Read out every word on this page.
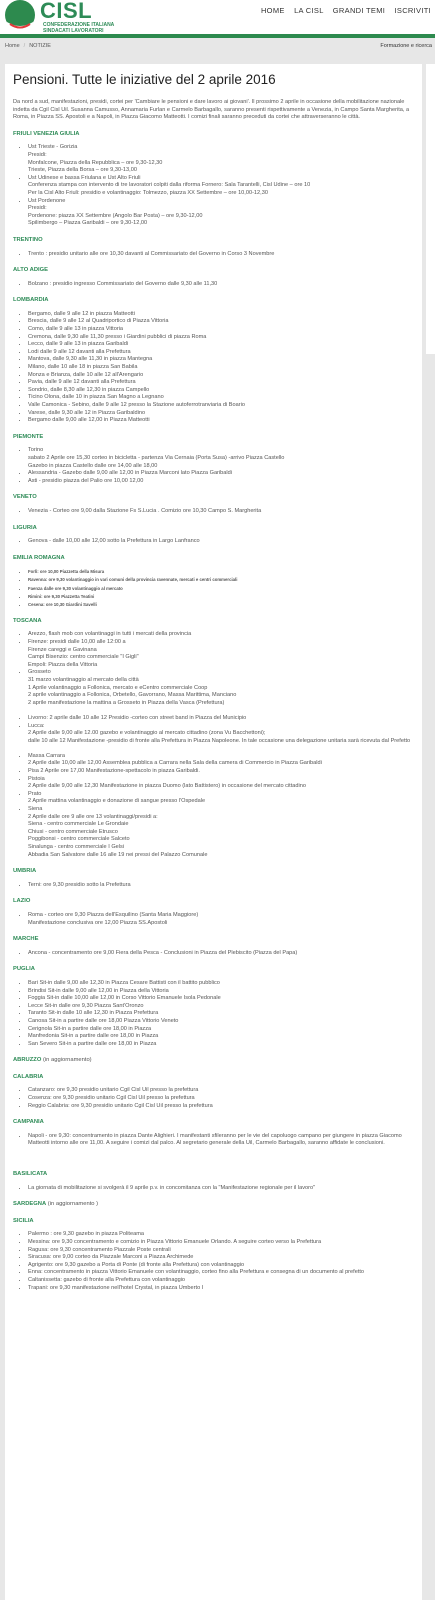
CISL
CONFEDERAZIONE ITALIANA
SINDACATI LAVORATORI
HOME LA CISL GRANDI TEMI ISCRIVITI
Home / NOTIZIE	Formazione e ricerca
Pensioni. Tutte le iniziative del 2 aprile 2016

Da nord a sud, manifestazioni, presidi, cortei per 'Cambiare le pensioni e dare lavoro ai giovani'. Il prossimo 2 aprile in occasione della mobilitazione nazionale indetta da Cgil Cisl Uil. Susanna Camusso, Annamaria Furlan e Carmelo Barbagallo, saranno presenti rispettivamente a Venezia, in Campo Santa Margherita, a Roma, in Piazza SS. Apostoli e a Napoli, in Piazza Giacomo Matteotti. I comizi finali saranno preceduti da cortei che attraverseranno le città.

FRIULI VENEZIA GIULIA
• Ust Trieste - Gorizia
Presidi:
Monfalcone, Piazza della Repubblica – ore 9,30-12,30
Trieste, Piazza della Borsa – ore 9,30-13,00
• Ust Udinese e bassa Friulana e Ust Alto Friuli
Conferenza stampa con intervento di tre lavoratori colpiti dalla riforma Fornero: Sala Tarantelli, Cisl Udine – ore 10
Per la Cisl Alto Friuli: presidio e volantinaggio: Tolmezzo, piazza XX Settembre – ore 10,00-12,30
• Ust Pordenone
Presidi:
Pordenone: piazza XX Settembre (Angolo Bar Posta) – ore 9,30-12,00
Spilimbergo – Piazza Garibaldi – ore 9,30-12,00
TRENTINO
• Trento : presidio unitario alle ore 10,30 davanti al Commissariato del Governo in Corso 3 Novembre
ALTO ADIGE
• Bolzano : presidio ingresso Commissariato del Governo dalle 9,30 alle 11,30
LOMBARDIA
• Bergamo, dalle 9 alle 12 in piazza Matteotti
• Brescia, dalle 9 alle 12 al Quadriportico di Piazza Vittoria
• Como, dalle 9 alle 13 in piazza Vittoria
• Cremona, dalle 9,30 alle 11,30 presso i Giardini pubblici di piazza Roma
• Lecco, dalle 9 alle 13 in piazza Garibaldi
• Lodi dalle 9 alle 12 davanti alla Prefettura
• Mantova, dalle 9,30 alle 11,30 in piazza Mantegna
• Milano, dalle 10 alle 18 in piazza San Babila
• Monza e Brianza, dalle 10 alle 12 all'Arengario
• Pavia, dalle 9 alle 12 davanti alla Prefettura
• Sondrio, dalle 8,30 alle 12,30 in piazza Campello
• Ticino Olona, dalle 10 in piazza San Magno a Legnano
• Valle Camonica - Sebino, dalle 9 alle 12 presso la Stazione autoferrotranviaria di Boario
• Varese, dalle 9,30 alle 12 in Piazza Garibaldino
• Bergamo dalle 9,00 alle 12,00 in Piazza Matteotti
PIEMONTE
• Torino
sabato 2 Aprile ore 15,30 corteo in bicicletta - partenza Via Cernaia (Porta Susa) -arrivo Piazza Castello
Gazebo in piazza Castello dalle ore 14,00 alle 18,00
• Alessandria - Gazebo dalle 9,00 alle 12,00 in Piazza Marconi lato Piazza Garibaldi
• Asti - presidio piazza del Palio ore 10,00 12,00
VENETO
• Venezia - Corteo ore 9,00 dalla Stazione Fs S.Lucia . Comizio ore 10,30 Campo S. Margherita
LIGURIA
• Genova - dalle 10,00 alle 12,00 sotto la Prefettura in Largo Lanfranco
EMILIA ROMAGNA
• Forlì: ore 10,00 Piazzetta della Misura
• Ravenna: ore 9,30 volantinaggio in vari comuni della provincia ravennate, mercati e centri commerciali
• Faenza dalle ore 9,30 volantinaggio al mercato
• Rimini: ore 9,30 Piazzetta Teatini
• Cesena: ore 10,30 Giardini Savelli
TOSCANA
• Arezzo, flash mob con volantinaggi in tutti i mercati della provincia
• Firenze: presidi dalle 10,00 alle 12:00 a
Firenze careggi e Gavinana
Campi Bisenzio: centro commerciale "I Gigli"
Empoli: Piazza della Vittoria
• Grosseto
31 marzo volantinaggio al mercato della città
1 Aprile volantinaggio a Follonica, mercato e eCentro commerciale Coop
2 aprile volantinaggio a Follonica, Orbetello, Gavorrano, Massa Marittima, Manciano
2 aprile manifestazione la mattina a Grosseto in Piazza della Vasca (Prefettura)

• Livorno: 2 aprile dalle 10 alle 12 Presidio -corteo con street band in Piazza del Municipio
• Lucca:
2 Aprile dalle 9,00 alle 12.00 gazebo e volantinaggio al mercato cittadino (zona Vu Bacchettoni);
dalle 10 alle 12 Manifestazione -presidio di fronte alla Prefettura in Piazza Napoleone. In tale occasione una delegazione unitaria sarà ricevuta dal Prefetto

• Massa Carrara
2 Aprile dalle 10,00 alle 12,00 Assemblea pubblica a Carrara nella Sala della camera di Commercio in Piazza Garibaldi
• Pisa 2 Aprile ore 17,00 Manifestazione-spettacolo in piazza Garibaldi.
• Pistoia
2 Aprile dalle 9,00 alle 12,30 Manifestazione in piazza Duomo (lato Battistero) in occasione del mercato cittadino
• Prato
2 Aprile mattina volantinaggio e donazione di sangue presso l'Ospedale
• Siena
2 Aprile dalle ore 9 alle ore 13 volantinaggi/presidi a:
Siena - centro commerciale Le Grondaie
Chiusi - centro commerciale Etrusco
Poggibonsi - centro commerciale Salceto
Sinalunga - centro commerciale I Gelsi
Abbadia San Salvatore dalle 16 alle 19 nei pressi del Palazzo Comunale
UMBRIA
• Terni: ore 9,30 presidio sotto la Prefettura
LAZIO
• Roma - corteo ore 9,30 Piazza dell'Esquilino (Santa Maria Maggiore)
Manifestazione conclusiva ore 12,00 Piazza SS.Apostoli
MARCHE
• Ancona - concentramento ore 9,00 Fiera della Pesca - Conclusioni in Piazza del Plebiscito (Piazza del Papa)
PUGLIA
• Bari Sit-in dalle 9,00 alle 12,30 in Piazza Cesare Battisti con il battito pubblico
• Brindisi Sit-in dalle 9,00 alle 12,00 in Piazza della Vittoria
• Foggia Sit-in dalle 10,00 alle 12,00 in Corso Vittorio Emanuele Isola Pedonale
• Lecce Sit-in dalle ore 9,30 Piazza Sant'Oronzo
• Taranto Sit-in dalle 10 alle 12,30 in Piazza Prefettura
• Canosa Sit-in a partire dalle ore 18,00 Piazza Vittorio Veneto
• Cerignola Sit-in a partire dalle ore 18,00 in Piazza
• Manfredonia Sit-in a partire dalle ore 18,00 in Piazza
• San Severo Sit-in a partire dalle ore 18,00 in Piazza
ABRUZZO (in aggiornamento)
CALABRIA
• Catanzaro: ore 9,30 presidio unitario Cgil Cisl Uil presso la prefettura
• Cosenza: ore 9,30 presidio unitario Cgil Cisl Uil presso la prefettura
• Reggio Calabria: ore 9,30 presidio unitario Cgil Cisl Uil presso la prefettura
CAMPANIA
• Napoli - ore 9,30: concentramento in piazza Dante Alighieri. I manifestanti sfileranno per le vie del capoluogo campano per giungere in piazza Giacomo Matteotti intorno alle ore 11,00. A seguire i comizi dal palco. Al segretario generale della Uil, Carmelo Barbagallo, saranno affidate le conclusioni.
BASILICATA
• La giornata di mobilitazione si svolgerà il 9 aprile p.v. in concomitanza con la "Manifestazione regionale per il lavoro"
SARDEGNA (in aggiornamento )
SICILIA
• Palermo : ore 9,30 gazebo in piazza Politeama
• Messina: ore 9,30 concentramento e comizio in Piazza Vittorio Emanuele Orlando. A seguire corteo verso la Prefettura
• Ragusa: ore 9,30 concentramento Piazzale Poste centrali
• Siracusa: ore 9,00 corteo da Piazzale Marconi a Piazza Archimede
• Agrigento: ore 9,30 gazebo a Porta di Ponte (di fronte alla Prefettura) con volantinaggio
• Enna: concentramento in piazza Vittorio Emanuele con volantinaggio, corteo fino alla Prefettura e consegna di un documento al prefetto
• Caltanissetta: gazebo di fronte alla Prefettura con volantinaggio
• Trapani: ore 9,30 manifestazione nell'hotel Crystal, in piazza Umberto I
